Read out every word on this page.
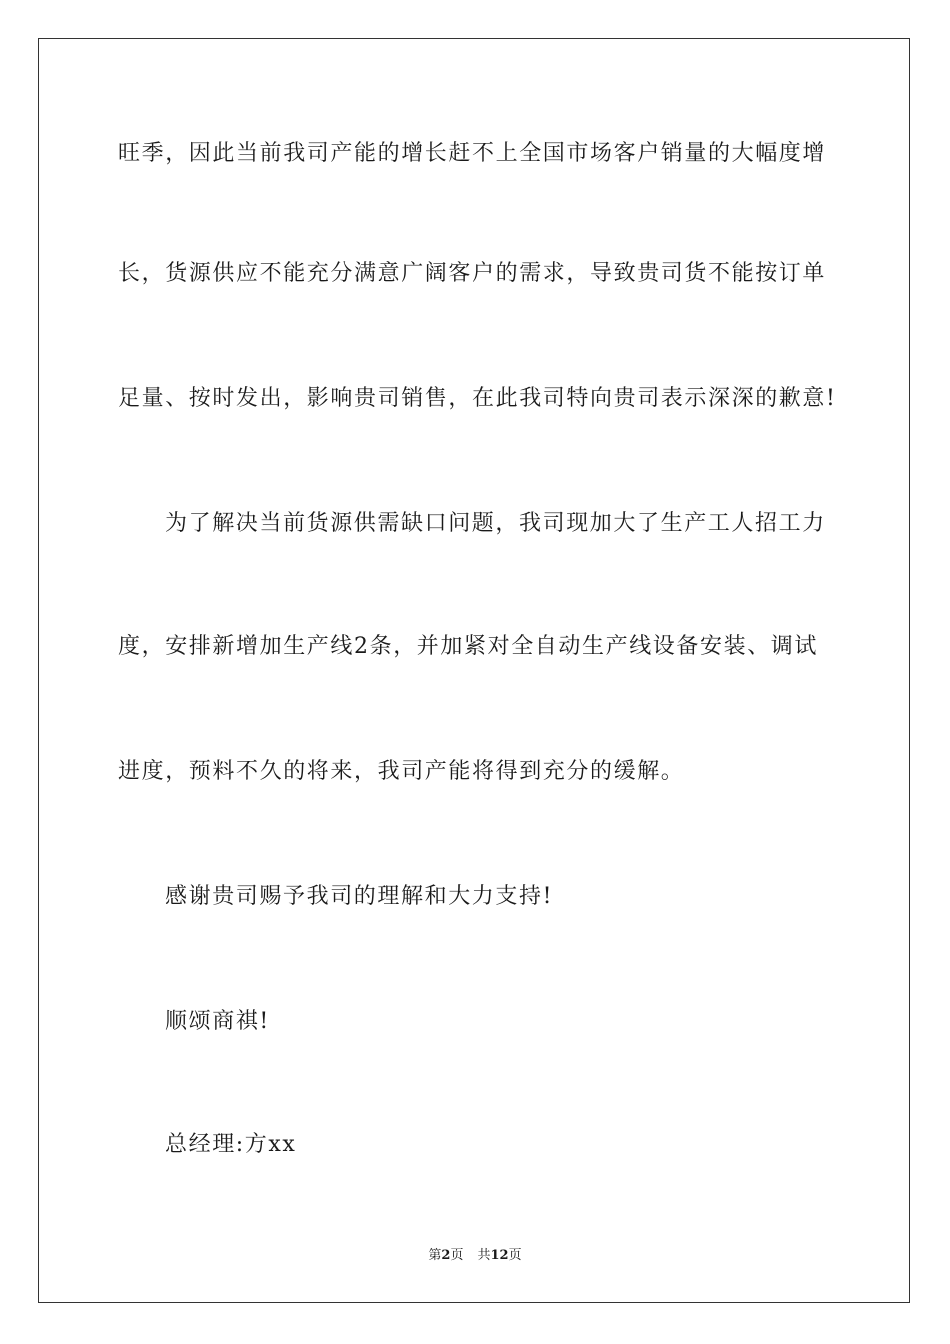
旺季，因此当前我司产能的增长赶不上全国市场客户销量的大幅度增
长，货源供应不能充分满意广阔客户的需求，导致贵司货不能按订单
足量、按时发出，影响贵司销售，在此我司特向贵司表示深深的歉意!
为了解决当前货源供需缺口问题，我司现加大了生产工人招工力
度，安排新增加生产线2条，并加紧对全自动生产线设备安装、调试
进度，预料不久的将来，我司产能将得到充分的缓解。
感谢贵司赐予我司的理解和大力支持!
顺颂商祺!
总经理:方xx
第2页 共12页
